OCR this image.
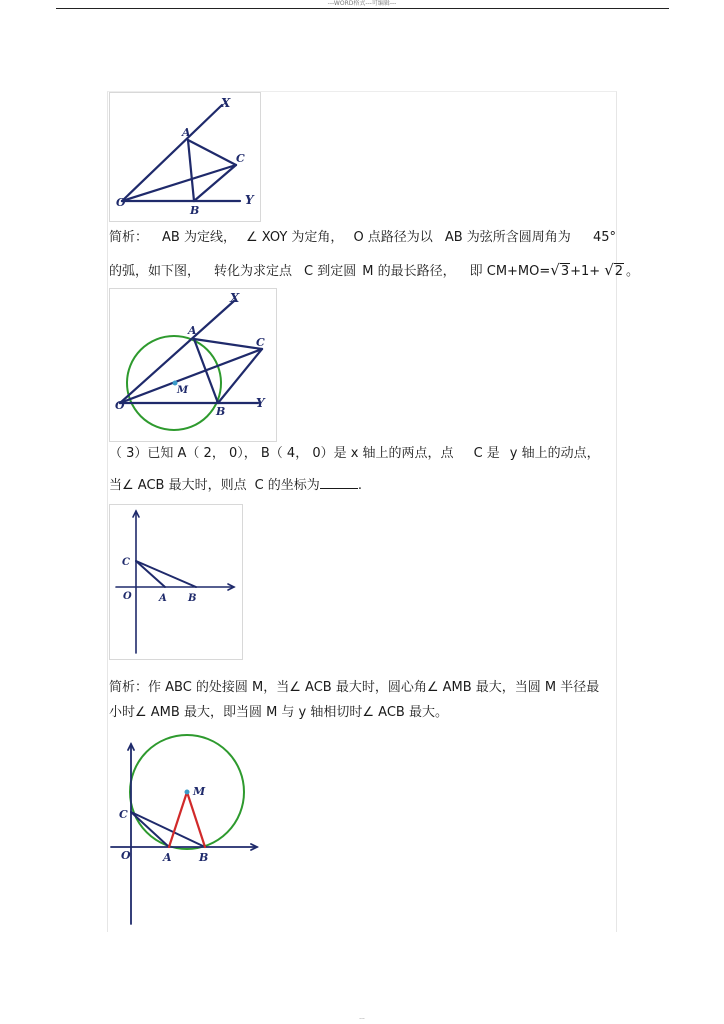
---WORD格式---可编辑---
X
Y
O
A
B
C
简析： AB 为定线， ∠ XOY 为定角， O 点路径为以 AB 为弦所含圆周角为 45°
的弧，如下图， 转化为求定点 C 到定圆 M 的最长路径， 即 CM+MO=√3+1+ √2 。
X
Y
O
A
B
C
M
（ 3）已知 A（ 2， 0）， B（ 4， 0）是 x 轴上的两点，点 C 是 y 轴上的动点，
当∠ ACB 最大时，则点 C 的坐标为	.
C
O	A B
简析：作 ABC 的处接圆 M，当∠ ACB 最大时，圆心角∠ AMB 最大，当圆 M 半径最
小时∠ AMB 最大，即当圆 M 与 y 轴相切时∠ ACB 最大。
M
C
O	A B
---
